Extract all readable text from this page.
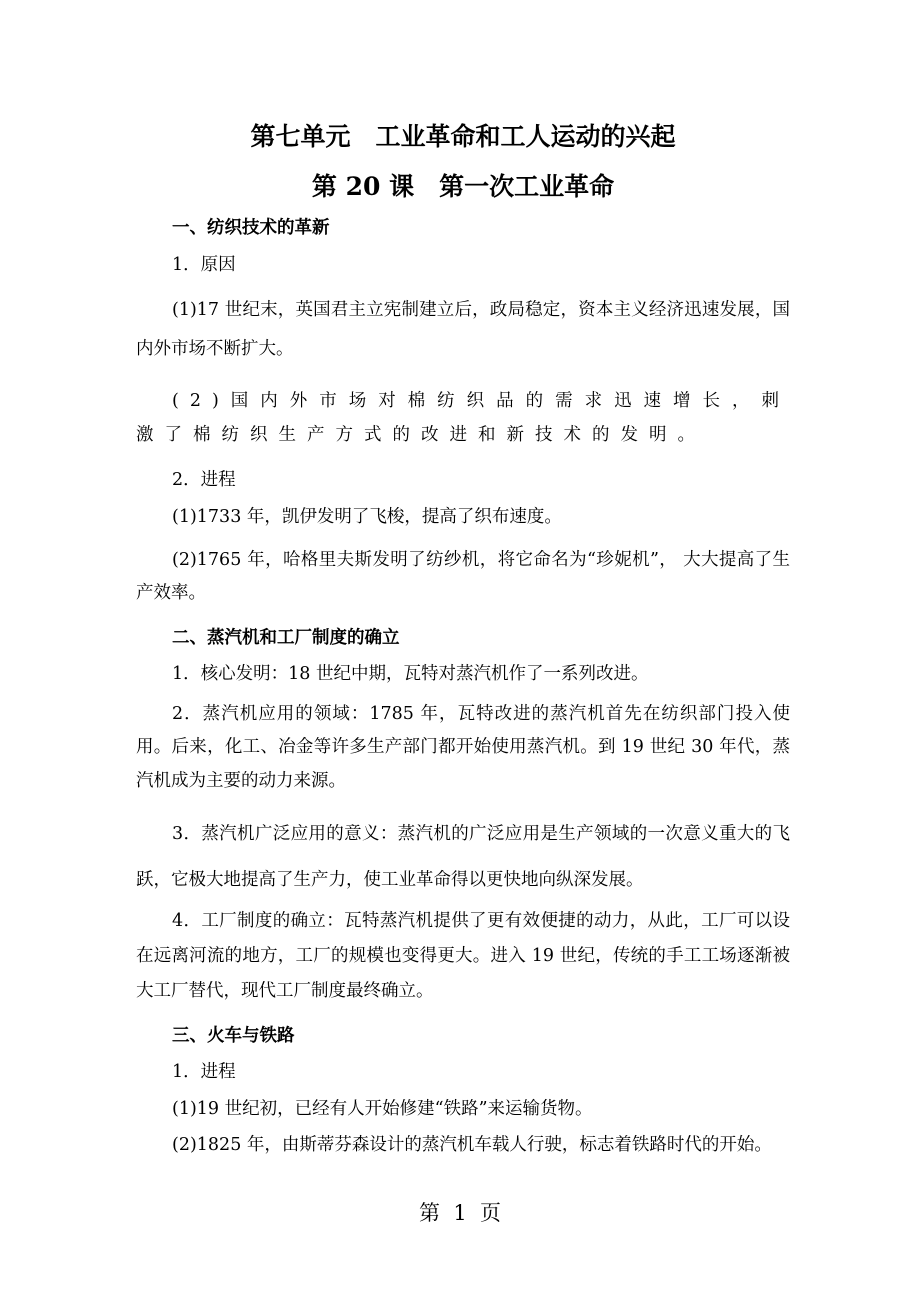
第七单元　工业革命和工人运动的兴起
第 20 课　第一次工业革命

一、纺织技术的革新

1．原因

(1)17 世纪末，英国君主立宪制建立后，政局稳定，资本主义经济迅速发展，国内外市场不断扩大。

(2)国内外市场对棉纺织品的需求迅速增长，刺激了棉纺织生产方式的改进和新技术的发明。

2．进程

(1)1733 年，凯伊发明了飞梭，提高了织布速度。

(2)1765 年，哈格里夫斯发明了纺纱机，将它命名为“珍妮机”， 大大提高了生产效率。

二、蒸汽机和工厂制度的确立

1．核心发明：18 世纪中期，瓦特对蒸汽机作了一系列改进。

2．蒸汽机应用的领域：1785 年，瓦特改进的蒸汽机首先在纺织部门投入使用。后来，化工、冶金等许多生产部门都开始使用蒸汽机。到 19 世纪 30 年代，蒸汽机成为主要的动力来源。

3．蒸汽机广泛应用的意义：蒸汽机的广泛应用是生产领域的一次意义重大的飞跃，它极大地提高了生产力，使工业革命得以更快地向纵深发展。

4．工厂制度的确立：瓦特蒸汽机提供了更有效便捷的动力，从此，工厂可以设在远离河流的地方，工厂的规模也变得更大。进入 19 世纪，传统的手工工场逐渐被大工厂替代，现代工厂制度最终确立。

三、火车与铁路

1．进程

(1)19 世纪初，已经有人开始修建“铁路”来运输货物。

(2)1825 年，由斯蒂芬森设计的蒸汽机车载人行驶，标志着铁路时代的开始。

第  1  页
